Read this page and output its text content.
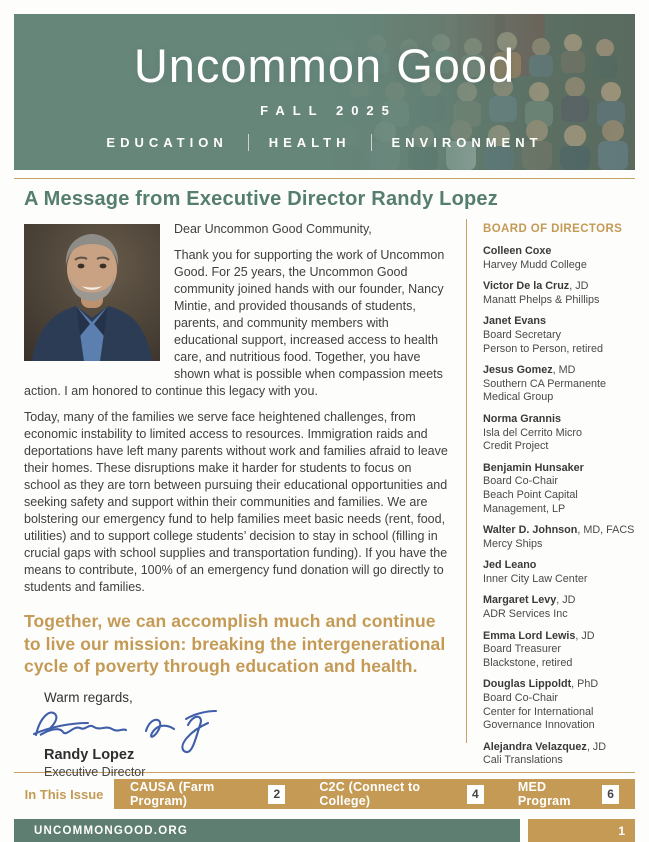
Uncommon Good
FALL 2025
EDUCATION	HEALTH	ENVIRONMENT
A Message from Executive Director Randy Lopez

Dear Uncommon Good Community,

Thank you for supporting the work of Uncommon Good. For 25 years, the Uncommon Good community joined hands with our founder, Nancy Mintie, and provided thousands of students, parents, and community members with educational support, increased access to health care, and nutritious food. Together, you have shown what is possible when compassion meets action. I am honored to continue this legacy with you.

Today, many of the families we serve face heightened challenges, from economic instability to limited access to resources. Immigration raids and deportations have left many parents without work and families afraid to leave their homes. These disruptions make it harder for students to focus on school as they are torn between pursuing their educational opportunities and seeking safety and support within their communities and families. We are bolstering our emergency fund to help families meet basic needs (rent, food, utilities) and to support college students’ decision to stay in school (filling in crucial gaps with school supplies and transportation funding). If you have the means to contribute, 100% of an emergency fund donation will go directly to students and families.

Together, we can accomplish much and continue to live our mission: breaking the intergenerational cycle of poverty through education and health.

Warm regards,
Randy Lopez
Executive Director
BOARD OF DIRECTORS
Colleen Coxe
Harvey Mudd College
Victor De la Cruz, JD
Manatt Phelps & Phillips
Janet Evans
Board Secretary
Person to Person, retired
Jesus Gomez, MD
Southern CA Permanente
Medical Group
Norma Grannis
Isla del Cerrito Micro
Credit Project
Benjamin Hunsaker
Board Co-Chair
Beach Point Capital
Management, LP
Walter D. Johnson, MD, FACS
Mercy Ships
Jed Leano
Inner City Law Center
Margaret Levy, JD
ADR Services Inc
Emma Lord Lewis, JD
Board Treasurer
Blackstone, retired
Douglas Lippoldt, PhD
Board Co-Chair
Center for International
Governance Innovation
Alejandra Velazquez, JD
Cali Translations
In This Issue	CAUSA (Farm Program)	2	C2C (Connect to College)	4	MED Program	6
UNCOMMONGOOD.ORG	1
